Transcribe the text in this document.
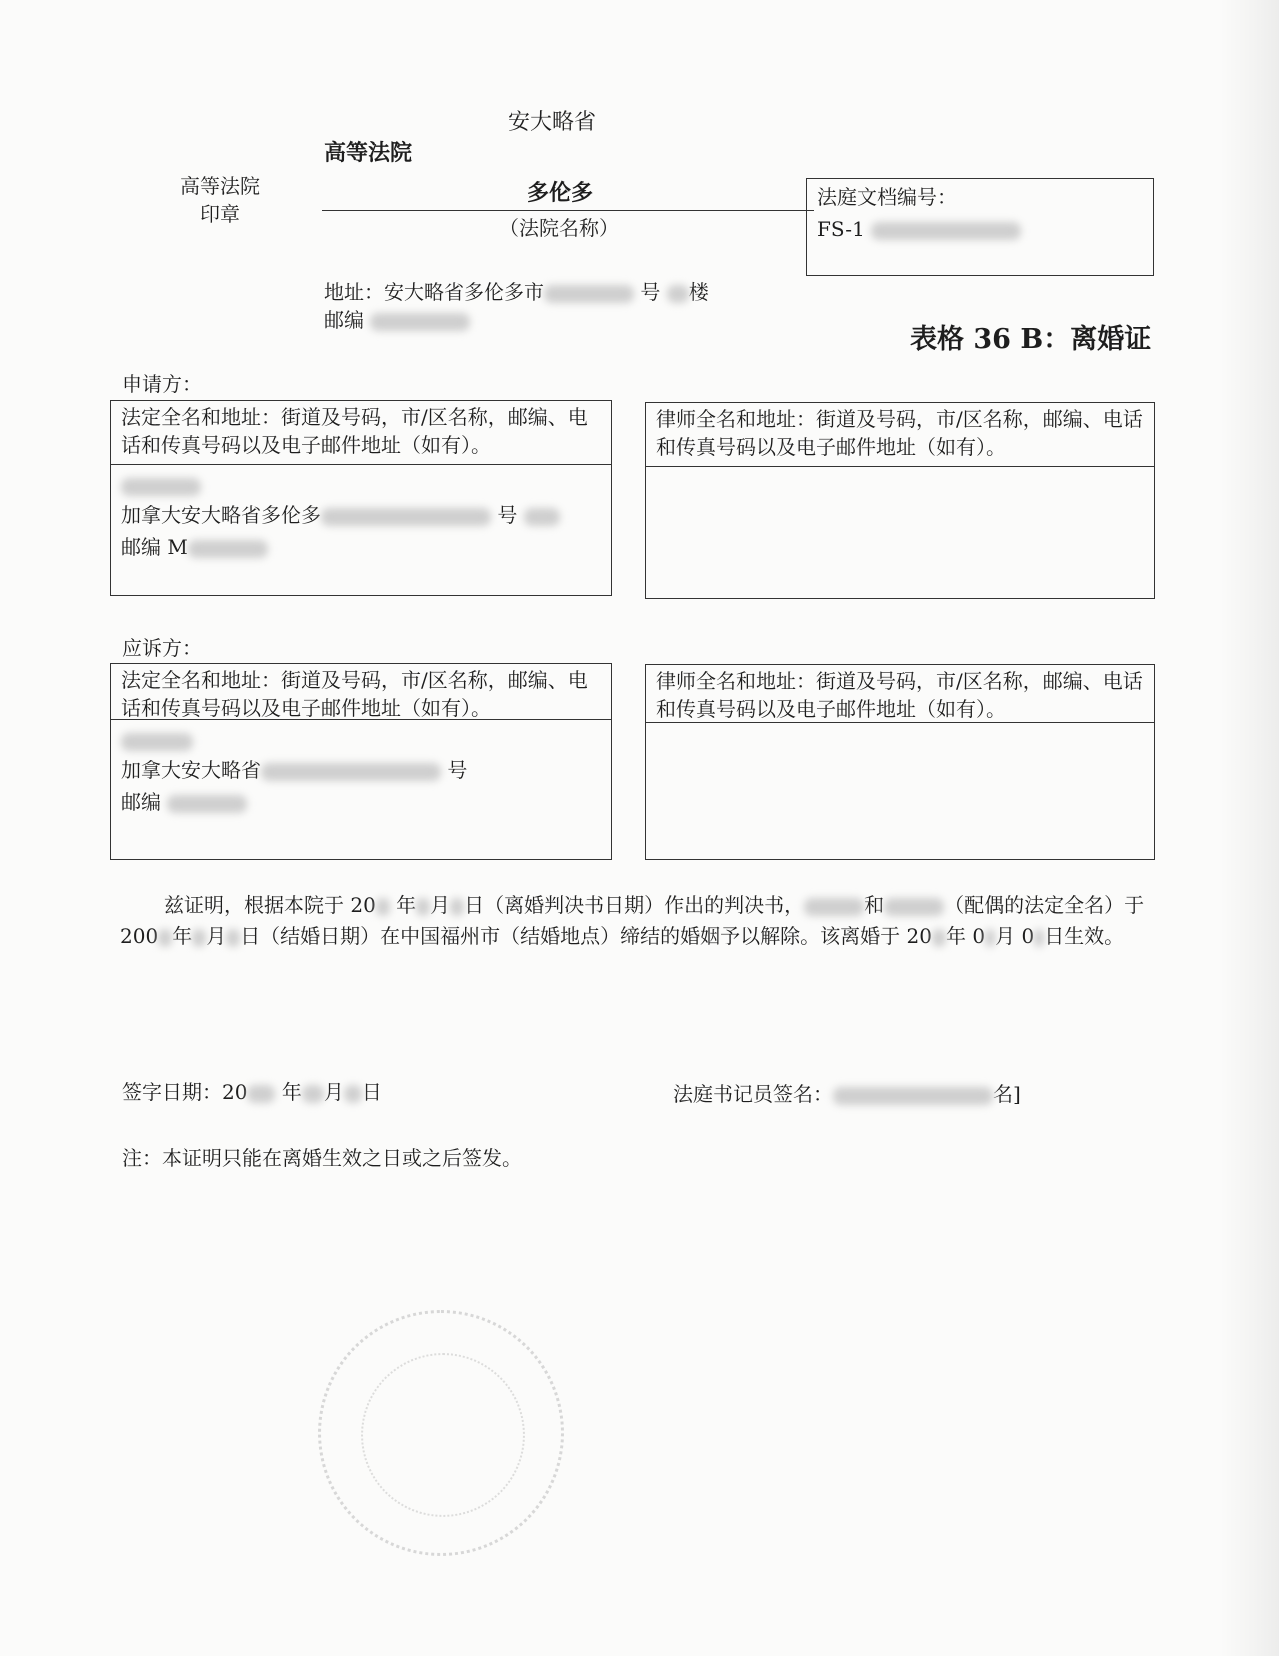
安大略省
高等法院
高等法院
印章
多伦多
（法院名称）
地址：安大略省多伦多市	号 楼
邮编
法庭文档编号：
FS-1
表格 36 B：离婚证
申请方：
法定全名和地址：街道及号码，市/区名称，邮编、电话和传真号码以及电子邮件地址（如有）。
加拿大安大略省多伦多	号
邮编 M
律师全名和地址：街道及号码，市/区名称，邮编、电话和传真号码以及电子邮件地址（如有）。
应诉方：
法定全名和地址：街道及号码，市/区名称，邮编、电话和传真号码以及电子邮件地址（如有）。
加拿大安大略省	号
邮编
律师全名和地址：街道及号码，市/区名称，邮编、电话和传真号码以及电子邮件地址（如有）。
兹证明，根据本院于 20 年 月 日（离婚判决书日期）作出的判决书，	和	（配偶的法定全名）于 200 年 月 日（结婚日期）在中国福州市（结婚地点）缔结的婚姻予以解除。该离婚于 20 年 0 月 0 日生效。
签字日期：20 年 月 日	法庭书记员签名：	名]
注：本证明只能在离婚生效之日或之后签发。
